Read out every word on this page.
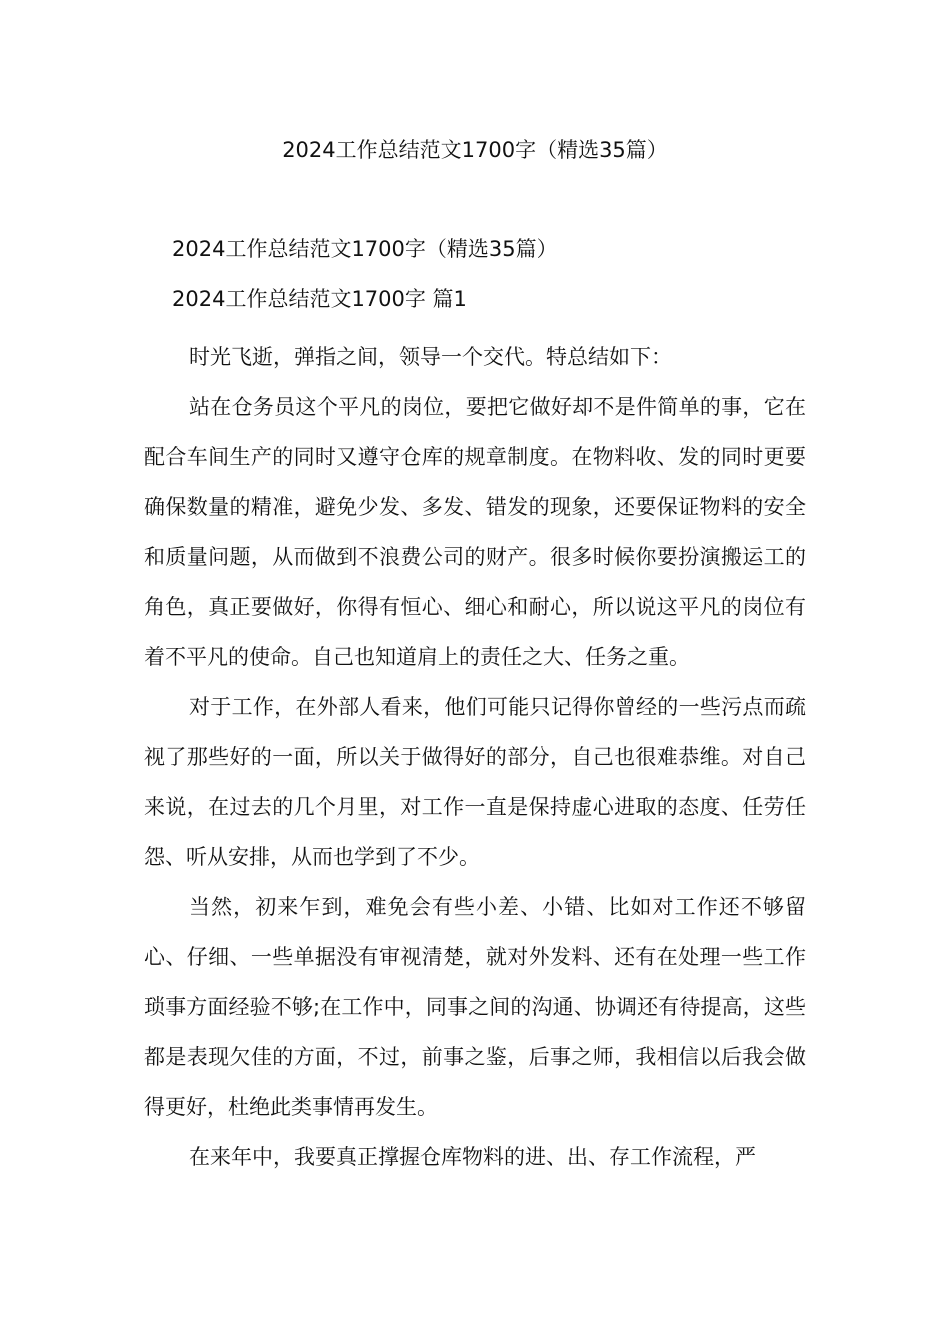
2024工作总结范文1700字（精选35篇）
2024工作总结范文1700字（精选35篇）
2024工作总结范文1700字 篇1

时光飞逝，弹指之间，领导一个交代。特总结如下：

站在仓务员这个平凡的岗位，要把它做好却不是件简单的事，它在配合车间生产的同时又遵守仓库的规章制度。在物料收、发的同时更要确保数量的精准，避免少发、多发、错发的现象，还要保证物料的安全和质量问题，从而做到不浪费公司的财产。很多时候你要扮演搬运工的角色，真正要做好，你得有恒心、细心和耐心，所以说这平凡的岗位有着不平凡的使命。自己也知道肩上的责任之大、任务之重。

对于工作，在外部人看来，他们可能只记得你曾经的一些污点而疏视了那些好的一面，所以关于做得好的部分，自己也很难恭维。对自己来说，在过去的几个月里，对工作一直是保持虚心进取的态度、任劳任怨、听从安排，从而也学到了不少。

当然，初来乍到，难免会有些小差、小错、比如对工作还不够留心、仔细、一些单据没有审视清楚，就对外发料、还有在处理一些工作琐事方面经验不够;在工作中，同事之间的沟通、协调还有待提高，这些都是表现欠佳的方面，不过，前事之鉴，后事之师，我相信以后我会做得更好，杜绝此类事情再发生。

在来年中，我要真正撑握仓库物料的进、出、存工作流程，严
